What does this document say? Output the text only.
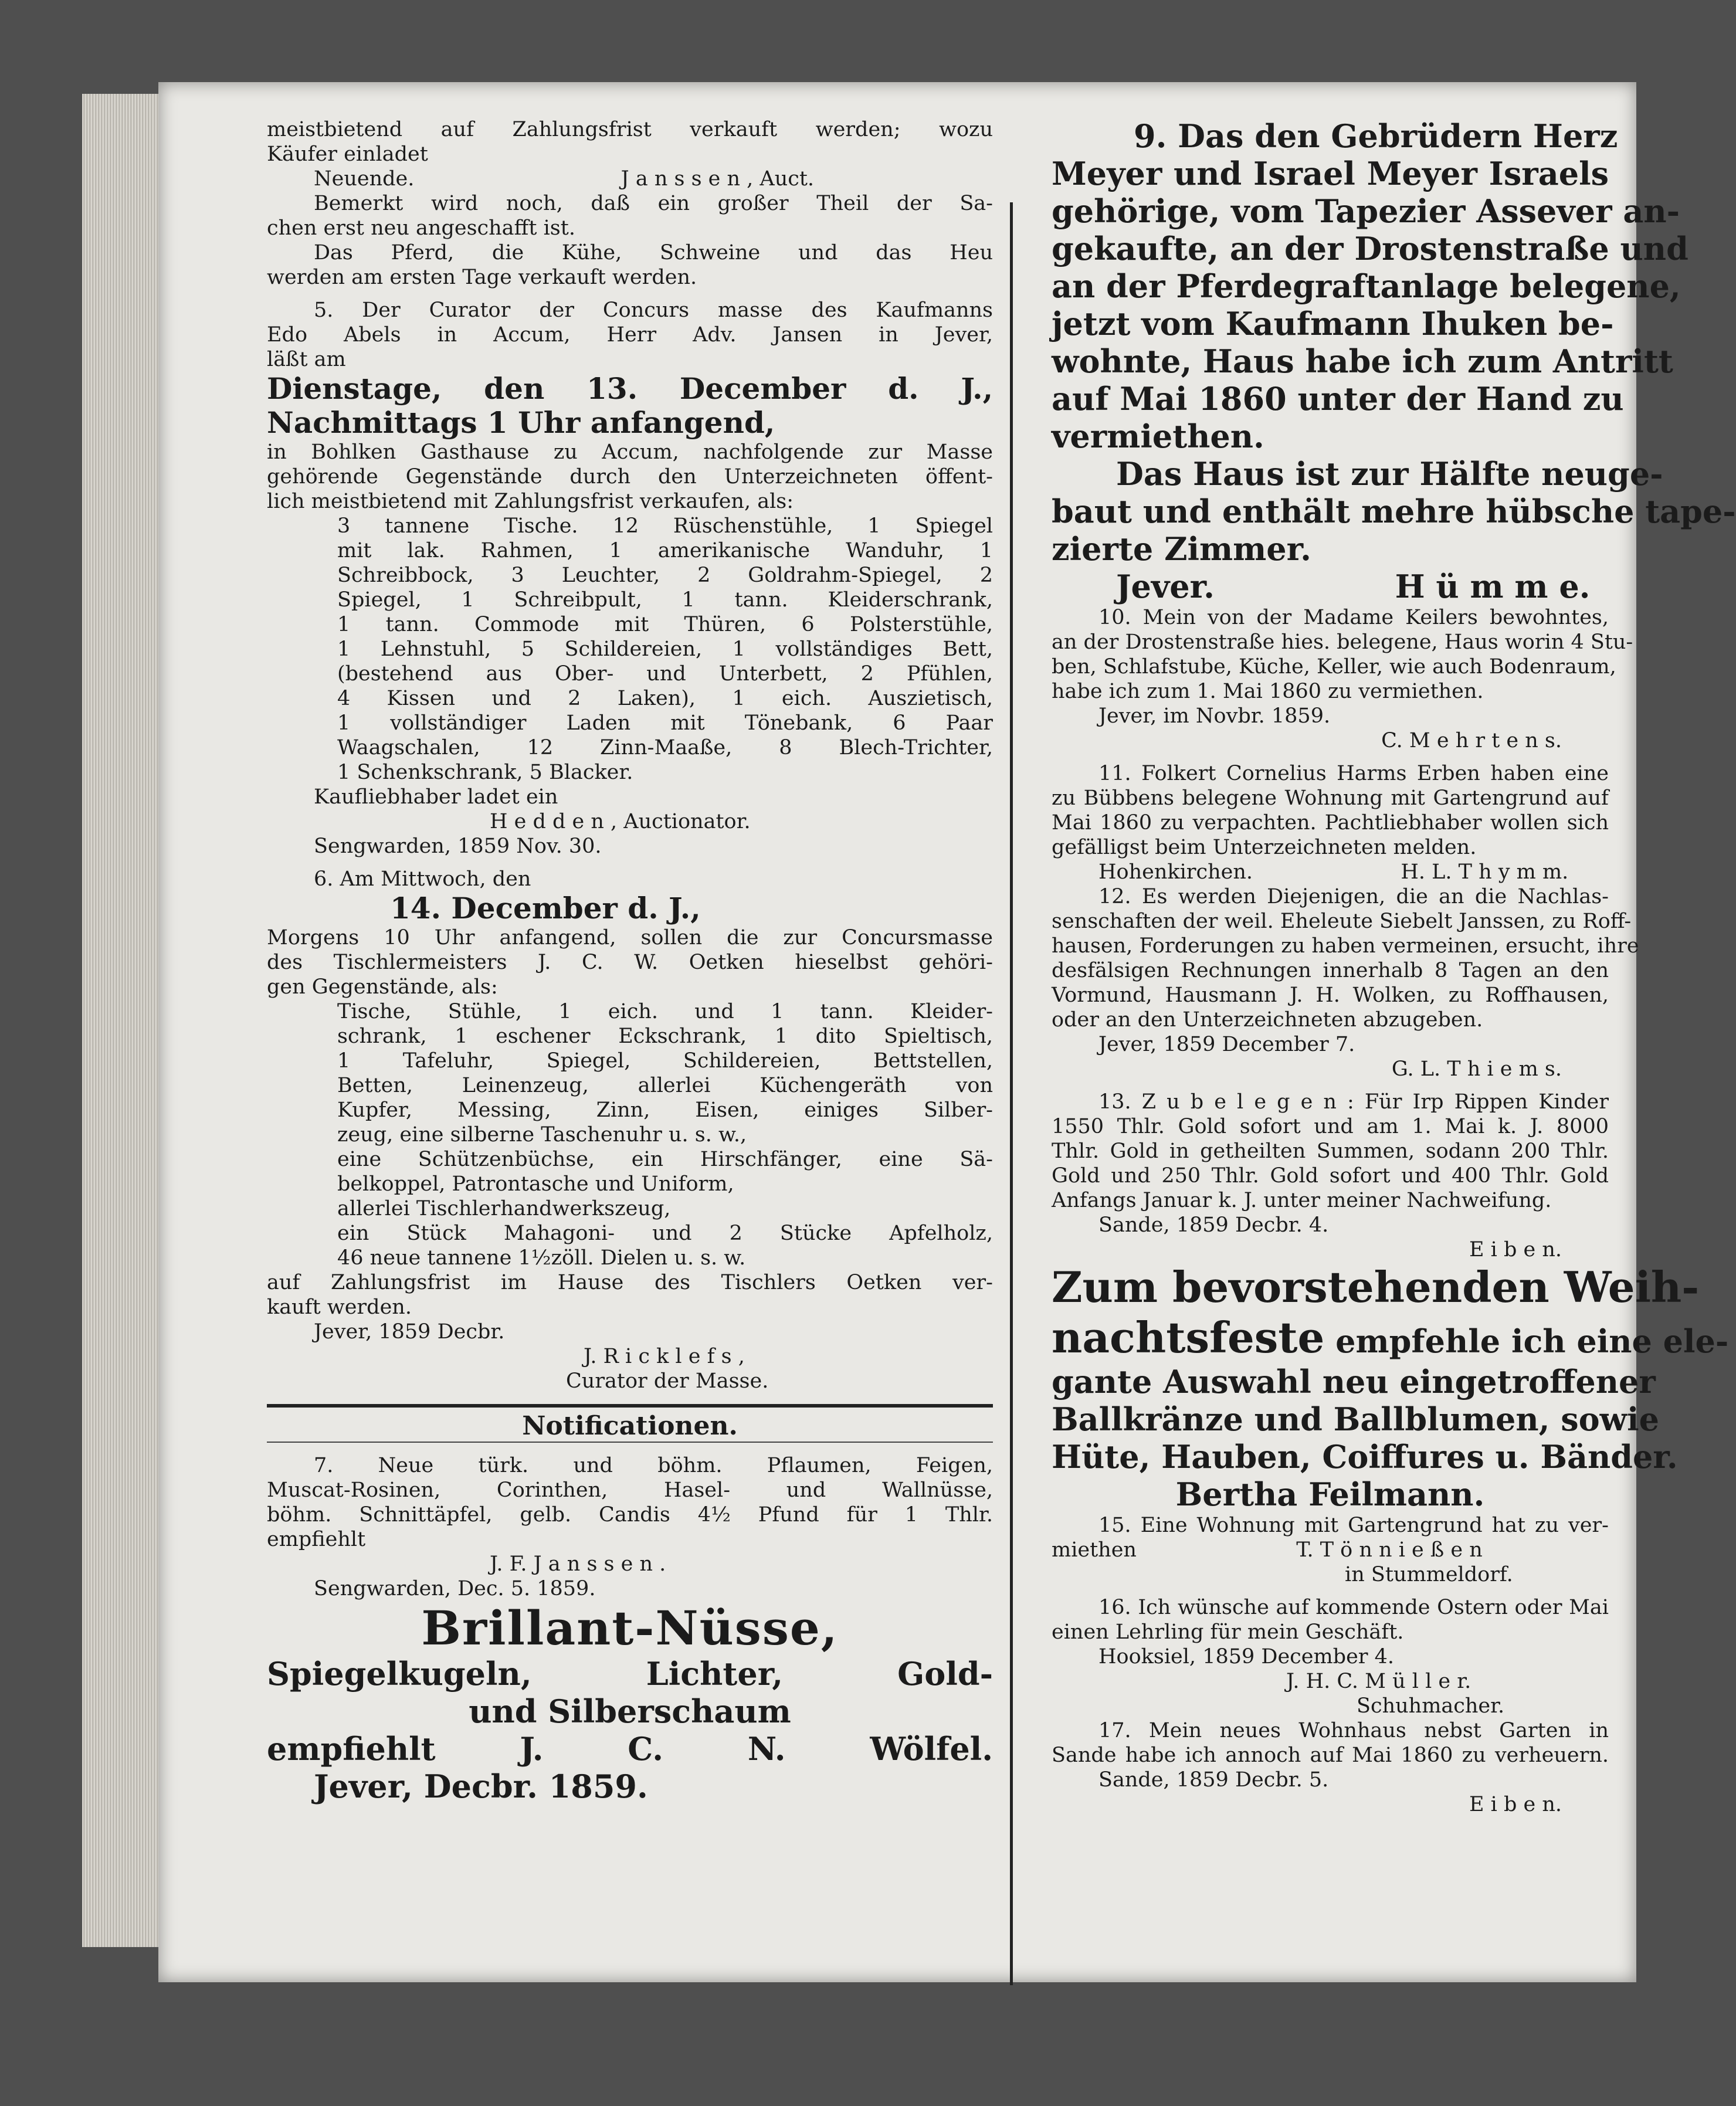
meistbietend auf Zahlungsfrist verkauft werden; wozu
Käufer einladet
Neuende.	J a n s s e n , Auct.
Bemerkt wird noch, daß ein großer Theil der Sa-
chen erst neu angeschafft ist.
Das Pferd, die Kühe, Schweine und das Heu
werden am ersten Tage verkauft werden.
5. Der Curator der Concurs masse des Kaufmanns
Edo Abels in Accum, Herr Adv. Jansen in Jever,
läßt am
Dienstage, den 13. December d. J.,
Nachmittags 1 Uhr anfangend,
in Bohlken Gasthause zu Accum, nachfolgende zur Masse
gehörende Gegenstände durch den Unterzeichneten öffent-
lich meistbietend mit Zahlungsfrist verkaufen, als:
3 tannene Tische. 12 Rüschenstühle, 1 Spiegel
mit lak. Rahmen, 1 amerikanische Wanduhr, 1
Schreibbock, 3 Leuchter, 2 Goldrahm-Spiegel, 2
Spiegel, 1 Schreibpult, 1 tann. Kleiderschrank,
1 tann. Commode mit Thüren, 6 Polsterstühle,
1 Lehnstuhl, 5 Schildereien, 1 vollständiges Bett,
(bestehend aus Ober- und Unterbett, 2 Pfühlen,
4 Kissen und 2 Laken), 1 eich. Auszietisch,
1 vollständiger Laden mit Tönebank, 6 Paar
Waagschalen, 12 Zinn-Maaße, 8 Blech-Trichter,
1 Schenkschrank, 5 Blacker.
Kaufliebhaber ladet ein
H e d d e n , Auctionator.
Sengwarden, 1859 Nov. 30.
6. Am Mittwoch, den
14. December d. J.,
Morgens 10 Uhr anfangend, sollen die zur Concursmasse
des Tischlermeisters J. C. W. Oetken hieselbst gehöri-
gen Gegenstände, als:
Tische, Stühle, 1 eich. und 1 tann. Kleider-
schrank, 1 eschener Eckschrank, 1 dito Spieltisch,
1 Tafeluhr, Spiegel, Schildereien, Bettstellen,
Betten, Leinenzeug, allerlei Küchengeräth von
Kupfer, Messing, Zinn, Eisen, einiges Silber-
zeug, eine silberne Taschenuhr u. s. w.,
eine Schützenbüchse, ein Hirschfänger, eine Sä-
belkoppel, Patrontasche und Uniform,
allerlei Tischlerhandwerkszeug,
ein Stück Mahagoni- und 2 Stücke Apfelholz,
46 neue tannene 1½zöll. Dielen u. s. w.
auf Zahlungsfrist im Hause des Tischlers Oetken ver-
kauft werden.
Jever, 1859 Decbr.
J. R i c k l e f s ,
Curator der Masse.
Notificationen.
7. Neue türk. und böhm. Pflaumen, Feigen,
Muscat-Rosinen, Corinthen, Hasel- und Wallnüsse,
böhm. Schnittäpfel, gelb. Candis 4½ Pfund für 1 Thlr.
empfiehlt
J. F. J a n s s e n .
Sengwarden, Dec. 5. 1859.
Brillant-Nüsse,
Spiegelkugeln, Lichter, Gold-
und Silberschaum
empfiehlt J. C. N. Wölfel.
Jever, Decbr. 1859.
9. Das den Gebrüdern Herz
Meyer und Israel Meyer Israels
gehörige, vom Tapezier Assever an-
gekaufte, an der Drostenstraße und
an der Pferdegraftanlage belegene,
jetzt vom Kaufmann Ihuken be-
wohnte, Haus habe ich zum Antritt
auf Mai 1860 unter der Hand zu
vermiethen.
Das Haus ist zur Hälfte neuge-
baut und enthält mehre hübsche tape-
zierte Zimmer.
Jever.	H ü m m e.
10. Mein von der Madame Keilers bewohntes,
an der Drostenstraße hies. belegene, Haus worin 4 Stu-
ben, Schlafstube, Küche, Keller, wie auch Bodenraum,
habe ich zum 1. Mai 1860 zu vermiethen.
Jever, im Novbr. 1859.
C. M e h r t e n s.
11. Folkert Cornelius Harms Erben haben eine
zu Bübbens belegene Wohnung mit Gartengrund auf
Mai 1860 zu verpachten. Pachtliebhaber wollen sich
gefälligst beim Unterzeichneten melden.
Hohenkirchen.	H. L. T h y m m.
12. Es werden Diejenigen, die an die Nachlas-
senschaften der weil. Eheleute Siebelt Janssen, zu Roff-
hausen, Forderungen zu haben vermeinen, ersucht, ihre
desfälsigen Rechnungen innerhalb 8 Tagen an den
Vormund, Hausmann J. H. Wolken, zu Roffhausen,
oder an den Unterzeichneten abzugeben.
Jever, 1859 December 7.
G. L. T h i e m s.
13. Z u b e l e g e n : Für Irp Rippen Kinder
1550 Thlr. Gold sofort und am 1. Mai k. J. 8000
Thlr. Gold in getheilten Summen, sodann 200 Thlr.
Gold und 250 Thlr. Gold sofort und 400 Thlr. Gold
Anfangs Januar k. J. unter meiner Nachweifung.
Sande, 1859 Decbr. 4.
E i b e n.
Zum bevorstehenden Weih-
nachtsfeste empfehle ich eine ele-
gante Auswahl neu eingetroffener
Ballkränze und Ballblumen, sowie
Hüte, Hauben, Coiffures u. Bänder.
Bertha Feilmann.
15. Eine Wohnung mit Gartengrund hat zu ver-
miethen	T. T ö n n i e ß e n
in Stummeldorf.
16. Ich wünsche auf kommende Ostern oder Mai
einen Lehrling für mein Geschäft.
Hooksiel, 1859 December 4.
J. H. C. M ü l l e r.
Schuhmacher.
17. Mein neues Wohnhaus nebst Garten in
Sande habe ich annoch auf Mai 1860 zu verheuern.
Sande, 1859 Decbr. 5.
E i b e n.
